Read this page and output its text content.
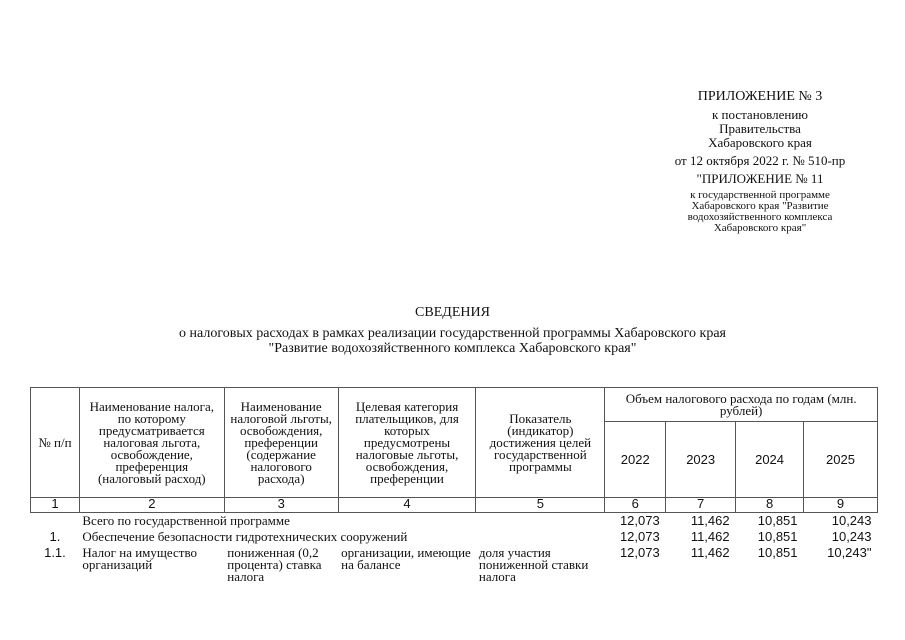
ПРИЛОЖЕНИЕ № 3
к постановлению
Правительства
Хабаровского края
от 12 октября 2022 г. № 510-пр
"ПРИЛОЖЕНИЕ № 11
к государственной программе
Хабаровского края "Развитие
водохозяйственного комплекса
Хабаровского края"
СВЕДЕНИЯ
о налоговых расходах в рамках реализации государственной программы Хабаровского края
"Развитие водохозяйственного комплекса Хабаровского края"
№ п/п	Наименование налога, по которому предусматривается налоговая льгота, освобождение, преференция (налоговый расход)	Наименование налоговой льготы, освобождения, преференции (содержание налогового расхода)	Целевая категория плательщиков, для которых предусмотрены налоговые льготы, освобождения, преференции	Показатель (индикатор) достижения целей государственной программы	Объем налогового расхода по годам (млн. рублей)			
					2022	2023	2024	2025
1	2	3	4	5	6	7	8	9
	Всего по государственной программе				12,073	11,462	10,851	10,243
1.	Обеспечение безопасности гидротехнических сооружений				12,073	11,462	10,851	10,243
1.1.	Налог на имущество организаций	пониженная (0,2 процента) ставка налога	организации, имеющие на балансе	доля участия пониженной ставки налога	12,073	11,462	10,851	10,243"
